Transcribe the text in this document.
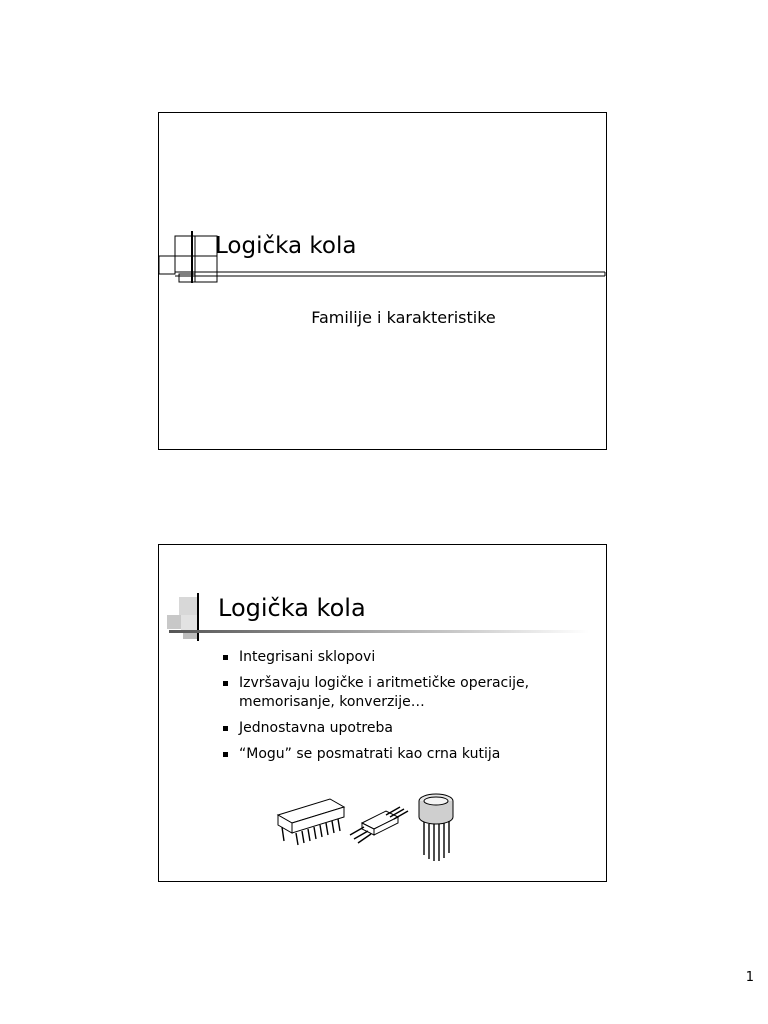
Logička kola
Familije i karakteristike
Logička kola
Integrisani sklopovi
Izvršavaju logičke i aritmetičke operacije, memorisanje, konverzije…
Jednostavna upotreba
“Mogu” se posmatrati kao crna kutija
1
